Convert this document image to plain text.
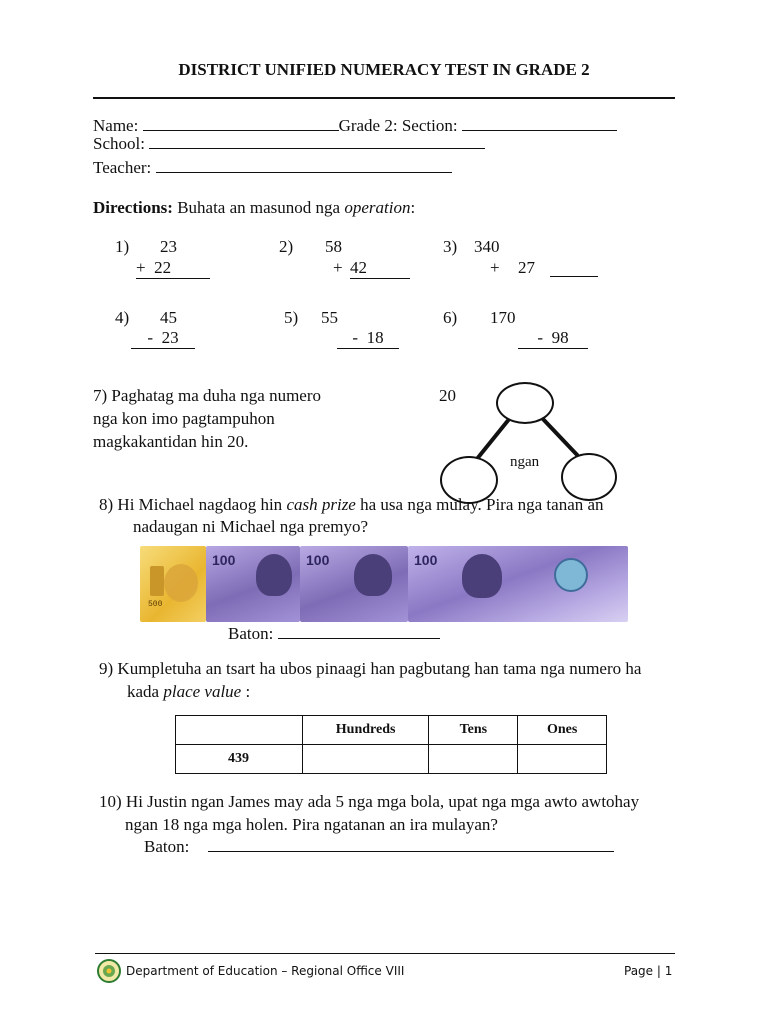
DISTRICT UNIFIED NUMERACY TEST IN GRADE 2
Name:	Grade 2: Section:
School:
Teacher:
Directions: Buhata an masunod nga operation:
1) 23
+ 22
2) 58
+ 42
3) 340
+ 27
4) 45
- 23
5) 55
- 18
6) 170
- 98
7) Paghatag ma duha nga numero
nga kon imo pagtampuhon
magkakantidan hin 20.
20
ngan
8) Hi Michael nagdaog hin cash prize ha usa nga mulay. Pira nga tanan an
nadaugan ni Michael nga premyo?
500
100	100	100
Baton:
9) Kumpletuha an tsart ha ubos pinaagi han pagbutang han tama nga numero ha
kada place value :
	Hundreds	Tens	Ones
439			
10) Hi Justin ngan James may ada 5 nga mga bola, upat nga mga awto awtohay
ngan 18 nga mga holen. Pira ngatanan an ira mulayan?
Baton:
Department of Education – Regional Office VIII	Page | 1
